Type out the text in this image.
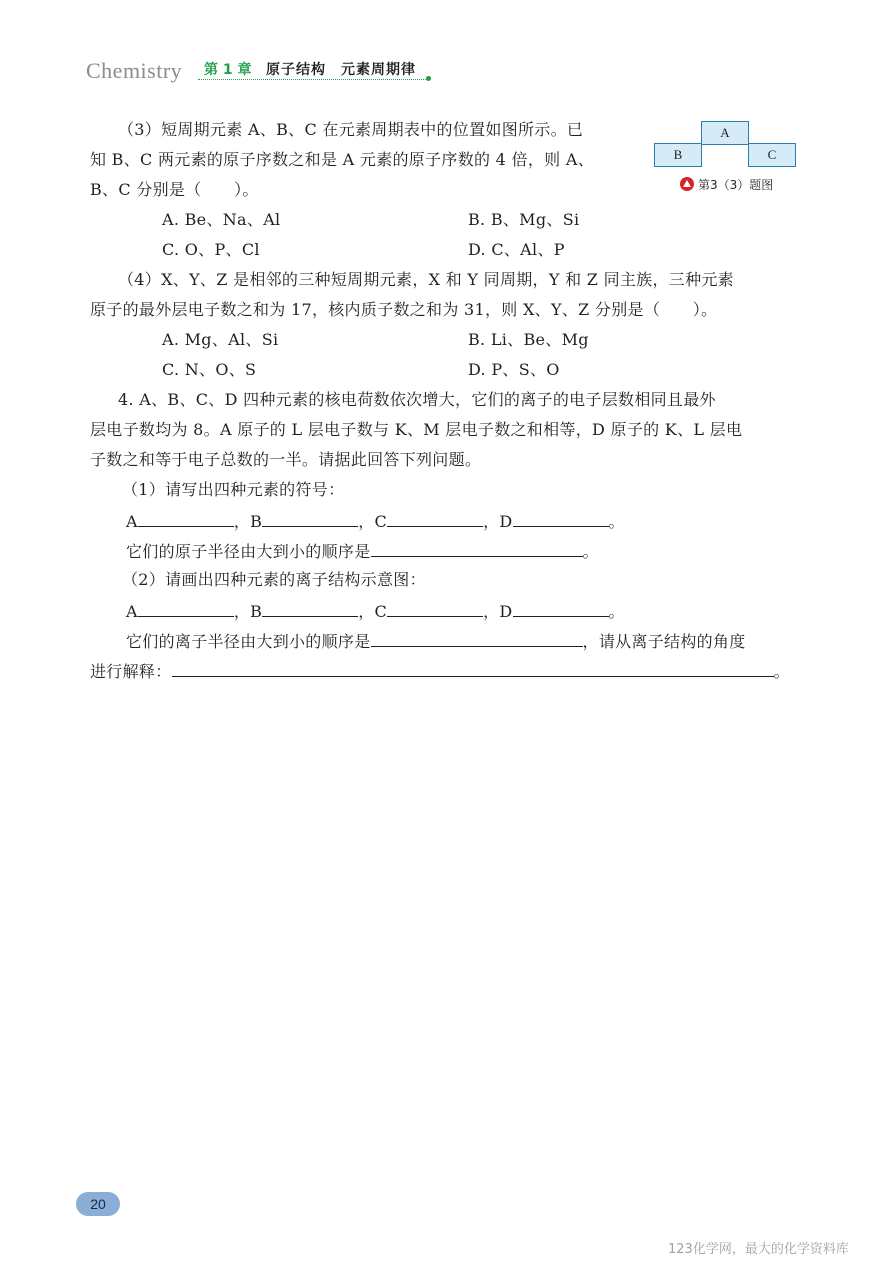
Chemistry 第 1 章 原子结构　元素周期律
A
B	C
第3（3）题图
（3）短周期元素 A、B、C 在元素周期表中的位置如图所示。已
知 B、C 两元素的原子序数之和是 A 元素的原子序数的 4 倍，则 A、
B、C 分别是（　　）。
A. Be、Na、Al	B. B、Mg、Si
C. O、P、Cl	D. C、Al、P
（4）X、Y、Z 是相邻的三种短周期元素，X 和 Y 同周期，Y 和 Z 同主族，三种元素
原子的最外层电子数之和为 17，核内质子数之和为 31，则 X、Y、Z 分别是（　　）。
A. Mg、Al、Si	B. Li、Be、Mg
C. N、O、S	D. P、S、O
4. A、B、C、D 四种元素的核电荷数依次增大，它们的离子的电子层数相同且最外
层电子数均为 8。A 原子的 L 层电子数与 K、M 层电子数之和相等，D 原子的 K、L 层电
子数之和等于电子总数的一半。请据此回答下列问题。
（1）请写出四种元素的符号：
A	，B	，C	，D	。
它们的原子半径由大到小的顺序是	。
（2）请画出四种元素的离子结构示意图：
A	，B	，C	，D	。
它们的离子半径由大到小的顺序是	，请从离子结构的角度
进行解释：	。
20
123化学网，最大的化学资料库
